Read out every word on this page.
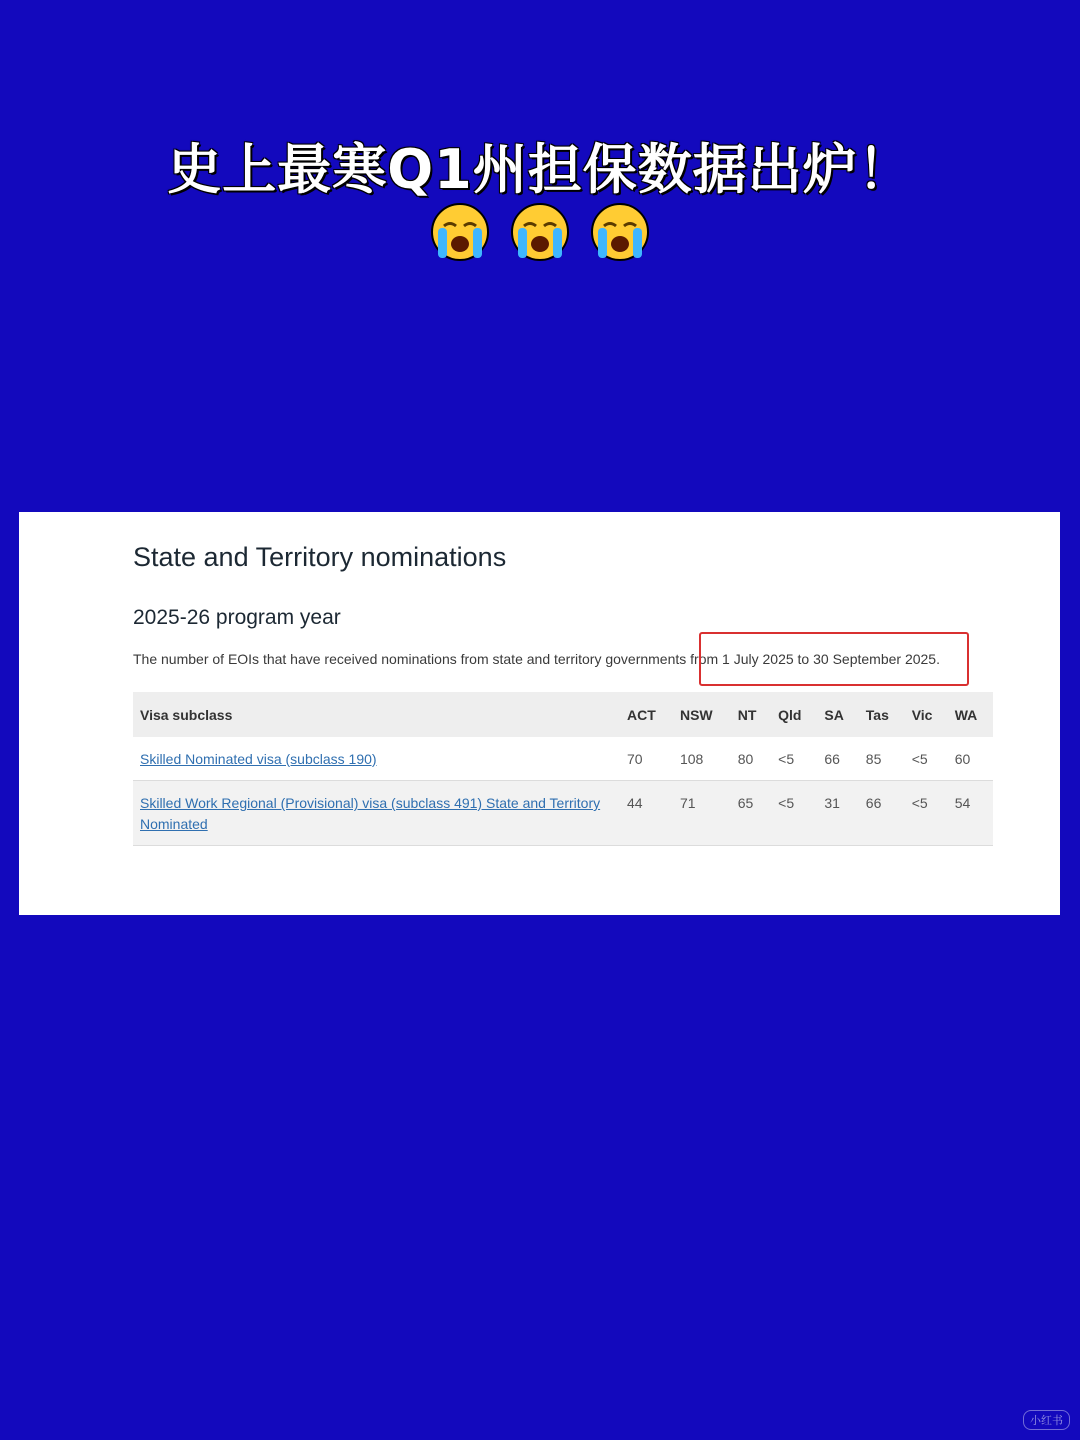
史上最寒Q1州担保数据出炉！
State and Territory nominations
2025-26 program year
The number of EOIs that have received nominations from state and territory governments from 1 July 2025 to 30 September 2025.
Visa subclass	ACT	NSW	NT	Qld	SA	Tas	Vic	WA
Skilled Nominated visa (subclass 190)	70	108	80	<5	66	85	<5	60
Skilled Work Regional (Provisional) visa (subclass 491) State and Territory Nominated	44	71	65	<5	31	66	<5	54
小红书
